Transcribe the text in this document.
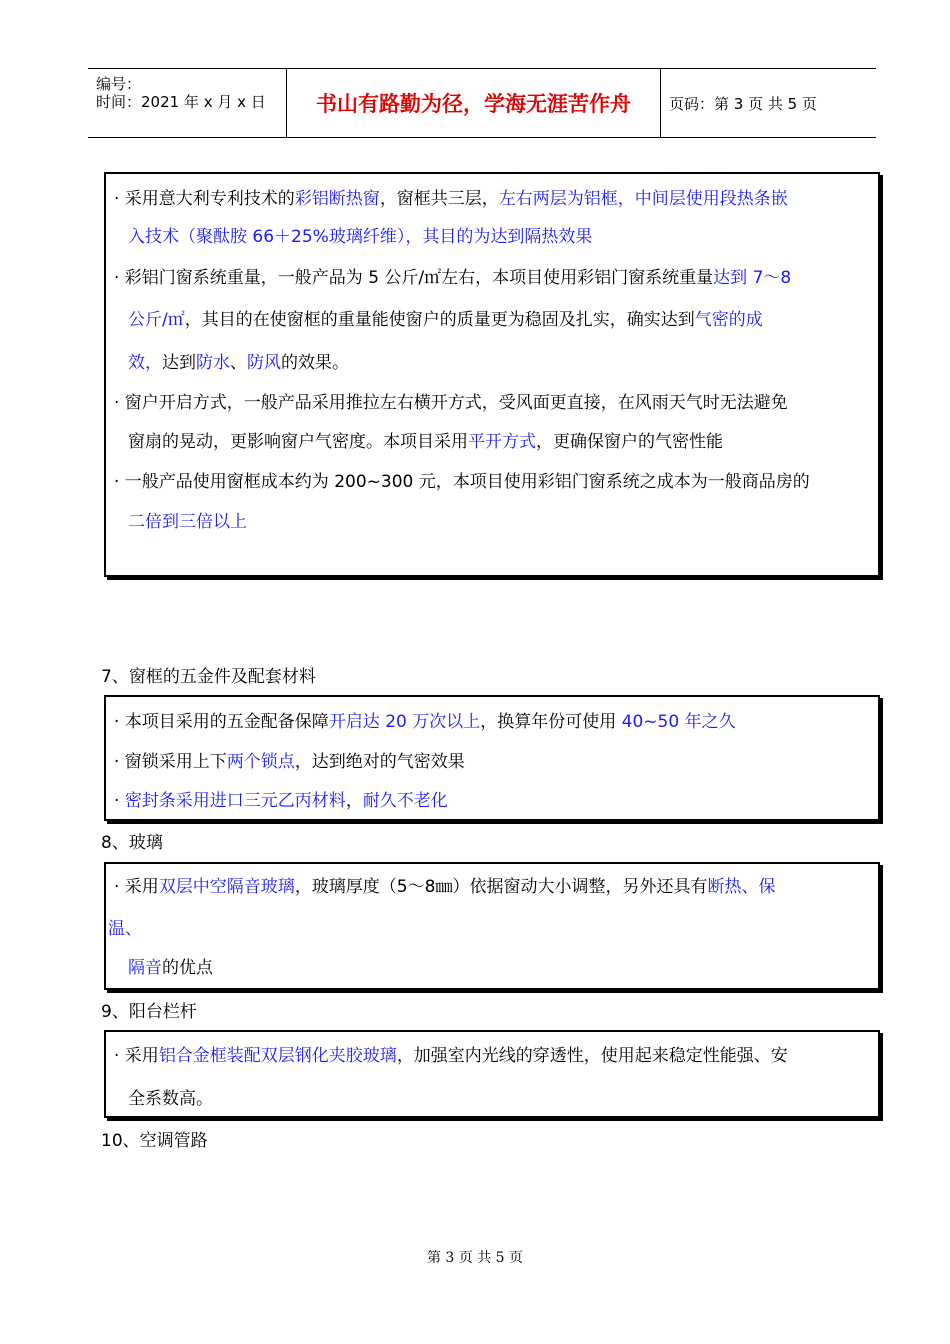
编号：
时间：2021 年 x 月 x 日 书山有路勤为径，学海无涯苦作舟	页码：第 3 页 共 5 页
· 采用意大利专利技术的彩铝断热窗，窗框共三层，左右两层为铝框，中间层使用段热条嵌
入技术（聚酞胺 66＋25%玻璃纤维），其目的为达到隔热效果
· 彩铝门窗系统重量，一般产品为 5 公斤/㎡左右，本项目使用彩铝门窗系统重量达到 7～8
公斤/㎡，其目的在使窗框的重量能使窗户的质量更为稳固及扎实，确实达到气密的成
效，达到防水、防风的效果。
· 窗户开启方式，一般产品采用推拉左右横开方式，受风面更直接，在风雨天气时无法避免
窗扇的晃动，更影响窗户气密度。本项目采用平开方式，更确保窗户的气密性能
· 一般产品使用窗框成本约为 200~300 元，本项目使用彩铝门窗系统之成本为一般商品房的
二倍到三倍以上
7、窗框的五金件及配套材料
· 本项目采用的五金配备保障开启达 20 万次以上，换算年份可使用 40~50 年之久
· 窗锁采用上下两个锁点，达到绝对的气密效果
· 密封条采用进口三元乙丙材料，耐久不老化
8、玻璃
· 采用双层中空隔音玻璃，玻璃厚度（5～8㎜）依据窗动大小调整，另外还具有断热、保
温、
隔音的优点
9、阳台栏杆
· 采用铝合金框装配双层钢化夹胶玻璃，加强室内光线的穿透性，使用起来稳定性能强、安
全系数高。
10、空调管路
第 3 页 共 5 页
